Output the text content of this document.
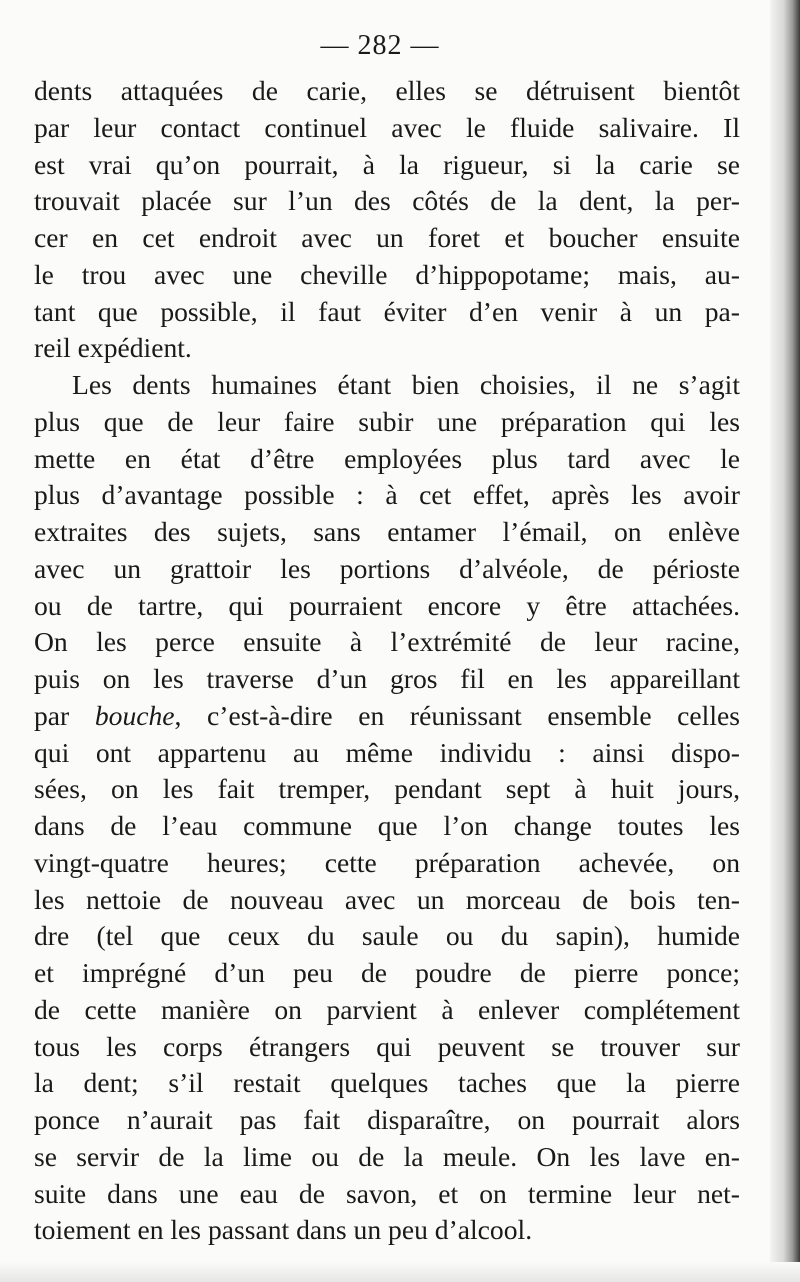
— 282 —
dents attaquées de carie, elles se détruisent bientôt
par leur contact continuel avec le fluide salivaire. Il
est vrai qu’on pourrait, à la rigueur, si la carie se
trouvait placée sur l’un des côtés de la dent, la per-
cer en cet endroit avec un foret et boucher ensuite
le trou avec une cheville d’hippopotame; mais, au-
tant que possible, il faut éviter d’en venir à un pa-
reil expédient.
Les dents humaines étant bien choisies, il ne s’agit
plus que de leur faire subir une préparation qui les
mette en état d’être employées plus tard avec le
plus d’avantage possible : à cet effet, après les avoir
extraites des sujets, sans entamer l’émail, on enlève
avec un grattoir les portions d’alvéole, de périoste
ou de tartre, qui pourraient encore y être attachées.
On les perce ensuite à l’extrémité de leur racine,
puis on les traverse d’un gros fil en les appareillant
par bouche, c’est-à-dire en réunissant ensemble celles
qui ont appartenu au même individu : ainsi dispo-
sées, on les fait tremper, pendant sept à huit jours,
dans de l’eau commune que l’on change toutes les
vingt-quatre heures; cette préparation achevée, on
les nettoie de nouveau avec un morceau de bois ten-
dre (tel que ceux du saule ou du sapin), humide
et imprégné d’un peu de poudre de pierre ponce;
de cette manière on parvient à enlever complétement
tous les corps étrangers qui peuvent se trouver sur
la dent; s’il restait quelques taches que la pierre
ponce n’aurait pas fait disparaître, on pourrait alors
se servir de la lime ou de la meule. On les lave en-
suite dans une eau de savon, et on termine leur net-
toiement en les passant dans un peu d’alcool.
